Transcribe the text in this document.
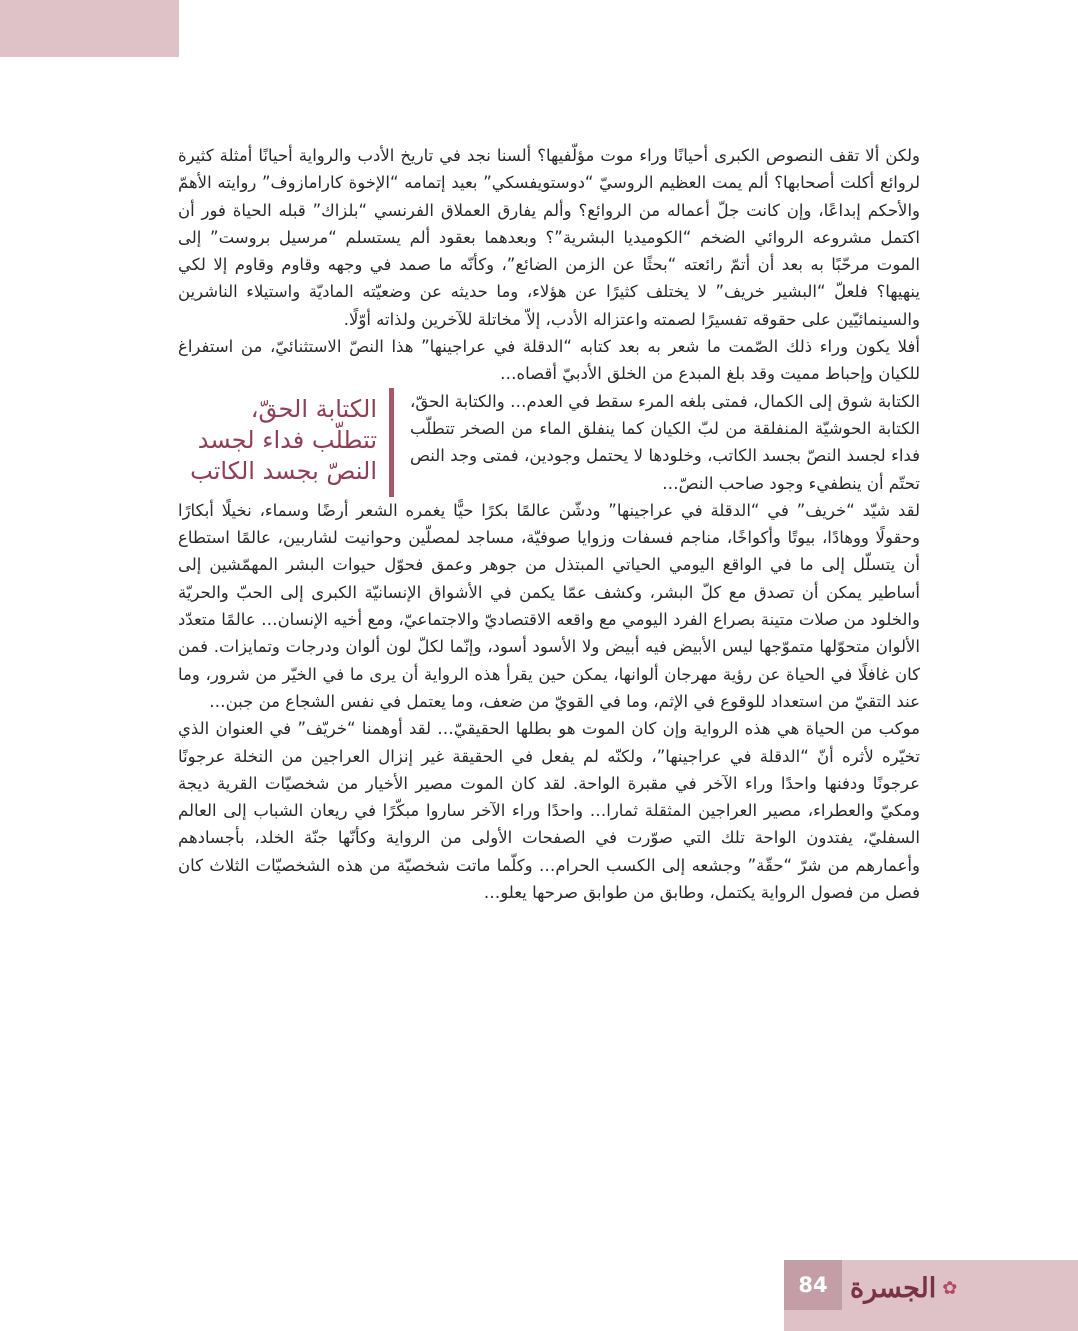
ولكن ألا تقف النصوص الكبرى أحيانًا وراء موت مؤلّفيها؟ ألسنا نجد في تاريخ الأدب والرواية أحيانًا أمثلة كثيرة لروائع أكلت أصحابها؟ ألم يمت العظيم الروسيّ “دوستويفسكي” بعيد إتمامه “الإخوة كارامازوف” روايته الأهمّ والأحكم إبداعًا، وإن كانت جلّ أعماله من الروائع؟ وألم يفارق العملاق الفرنسي “بلزاك” قبله الحياة فور أن اكتمل مشروعه الروائي الضخم “الكوميديا البشرية”؟ وبعدهما بعقود ألم يستسلم “مرسيل بروست” إلى الموت مرحّبًا به بعد أن أتمّ رائعته “بحثًا عن الزمن الضائع”، وكأنّه ما صمد في وجهه وقاوم وقاوم إلا لكي ينهيها؟ فلعلّ “البشير خريف” لا يختلف كثيرًا عن هؤلاء، وما حديثه عن وضعيّته الماديّة واستيلاء الناشرين والسينمائيّين على حقوقه تفسيرًا لصمته واعتزاله الأدب، إلاّ مخاتلة للآخرين ولذاته أوّلًا.

أفلا يكون وراء ذلك الصّمت ما شعر به بعد كتابه “الدقلة في عراجينها” هذا النصّ الاستثنائيّ، من استفراغ للكيان وإحباط مميت وقد بلغ المبدع من الخلق الأدبيّ أقصاه…

الكتابة شوق إلى الكمال، فمتى بلغه المرء سقط في العدم… والكتابة الحقّ، الكتابة الحوشيّة المنفلقة من لبّ الكيان كما ينفلق الماء من الصخر تتطلّب فداء لجسد النصّ بجسد الكاتب، وخلودها لا يحتمل وجودين، فمتى وجد النص تحتّم أن ينطفيء وجود صاحب النصّ…

الكتابة الحقّ،
تتطلّب فداء لجسد
النصّ بجسد الكاتب

لقد شيّد “خريف” في “الدقلة في عراجينها” ودشّن عالمًا بكرًا حيًّا يغمره الشعر أرضًا وسماء، نخيلًا أبكارًا وحقولًا ووهادًا، بيوتًا وأكواخًا، مناجم فسفات وزوايا صوفيّة، مساجد لمصلّين وحوانيت لشاربين، عالمًا استطاع أن يتسلّل إلى ما في الواقع اليومي الحياتي المبتذل من جوهر وعمق فحوّل حيوات البشر المهمّشين إلى أساطير يمكن أن تصدق مع كلّ البشر، وكشف عمّا يكمن في الأشواق الإنسانيّة الكبرى إلى الحبّ والحريّة والخلود من صلات متينة بصراع الفرد اليومي مع واقعه الاقتصاديّ والاجتماعيّ، ومع أخيه الإنسان… عالمًا متعدّد الألوان متحوّلها متموّجها ليس الأبيض فيه أبيض ولا الأسود أسود، وإنّما لكلّ لون ألوان ودرجات وتمايزات. فمن كان غافلًا في الحياة عن رؤية مهرجان ألوانها، يمكن حين يقرأ هذه الرواية أن يرى ما في الخيّر من شرور، وما عند التقيّ من استعداد للوقوع في الإثم، وما في القويّ من ضعف، وما يعتمل في نفس الشجاع من جبن…

موكب من الحياة هي هذه الرواية وإن كان الموت هو بطلها الحقيقيّ… لقد أوهمنا “خريّف” في العنوان الذي تخيّره لأثره أنّ “الدقلة في عراجينها”، ولكنّه لم يفعل في الحقيقة غير إنزال العراجين من النخلة عرجونًا عرجونًا ودفنها واحدًا وراء الآخر في مقبرة الواحة. لقد كان الموت مصير الأخيار من شخصيّات القرية ديجة ومكيّ والعطراء، مصير العراجين المثقلة ثمارا… واحدًا وراء الآخر ساروا مبكّرًا في ريعان الشباب إلى العالم السفليّ، يفتدون الواحة تلك التي صوّرت في الصفحات الأولى من الرواية وكأنّها جنّة الخلد، بأجسادهم وأعمارهم من شرّ “حقّة” وجشعه إلى الكسب الحرام… وكلّما ماتت شخصيّة من هذه الشخصيّات الثلاث كان فصل من فصول الرواية يكتمل، وطابق من طوابق صرحها يعلو…

84 الجسرة ✿
